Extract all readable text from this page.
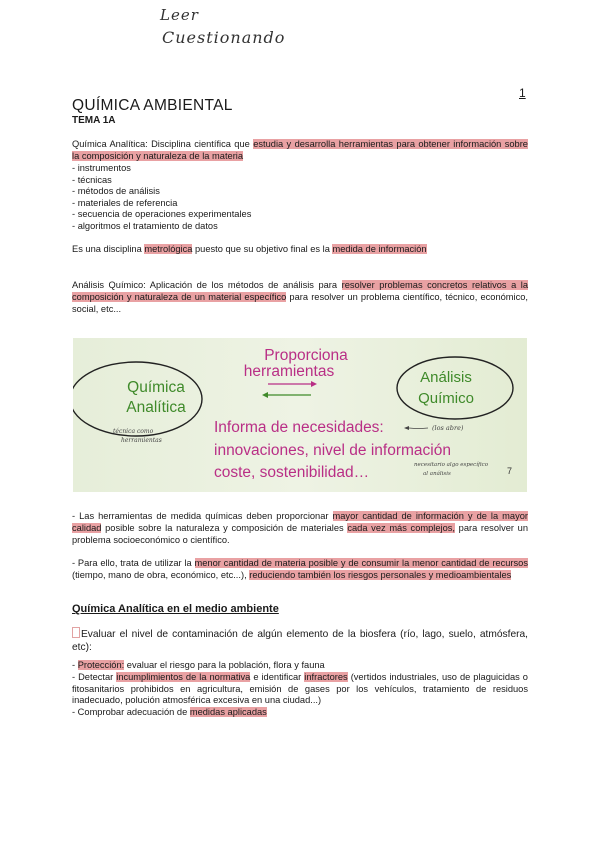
Leer
Cuestionando
1
QUÍMICA AMBIENTAL
TEMA 1A
Química Analítica: Disciplina científica que estudia y desarrolla herramientas para obtener información sobre la composición y naturaleza de la materia
- instrumentos
- técnicas
- métodos de análisis
- materiales de referencia
- secuencia de operaciones experimentales
- algoritmos el tratamiento de datos
Es una disciplina metrológica puesto que su objetivo final es la medida de información
Análisis Químico: Aplicación de los métodos de análisis para resolver problemas concretos relativos a la composición y naturaleza de un material específico para resolver un problema científico, técnico, económico, social, etc...
Química
Analítica
Análisis
Químico
Proporciona
herramientas
Informa de necesidades:
innovaciones, nivel de información
coste, sostenibilidad…	7
técnica como
herramientas
(los abre)
necesitario algo específico
al análisis
- Las herramientas de medida químicas deben proporcionar mayor cantidad de información y de la mayor calidad posible sobre la naturaleza y composición de materiales cada vez más complejos, para resolver un problema socioeconómico o científico.
- Para ello, trata de utilizar la menor cantidad de materia posible y de consumir la menor cantidad de recursos (tiempo, mano de obra, económico, etc...), reduciendo también los riesgos personales y medioambientales
Química Analítica en el medio ambiente
Evaluar el nivel de contaminación de algún elemento de la biosfera (río, lago, suelo, atmósfera, etc):

- Protección: evaluar el riesgo para la población, flora y fauna

- Detectar incumplimientos de la normativa e identificar infractores (vertidos industriales, uso de plaguicidas o fitosanitarios prohibidos en agricultura, emisión de gases por los vehículos, tratamiento de residuos inadecuado, polución atmosférica excesiva en una ciudad...)

- Comprobar adecuación de medidas aplicadas
